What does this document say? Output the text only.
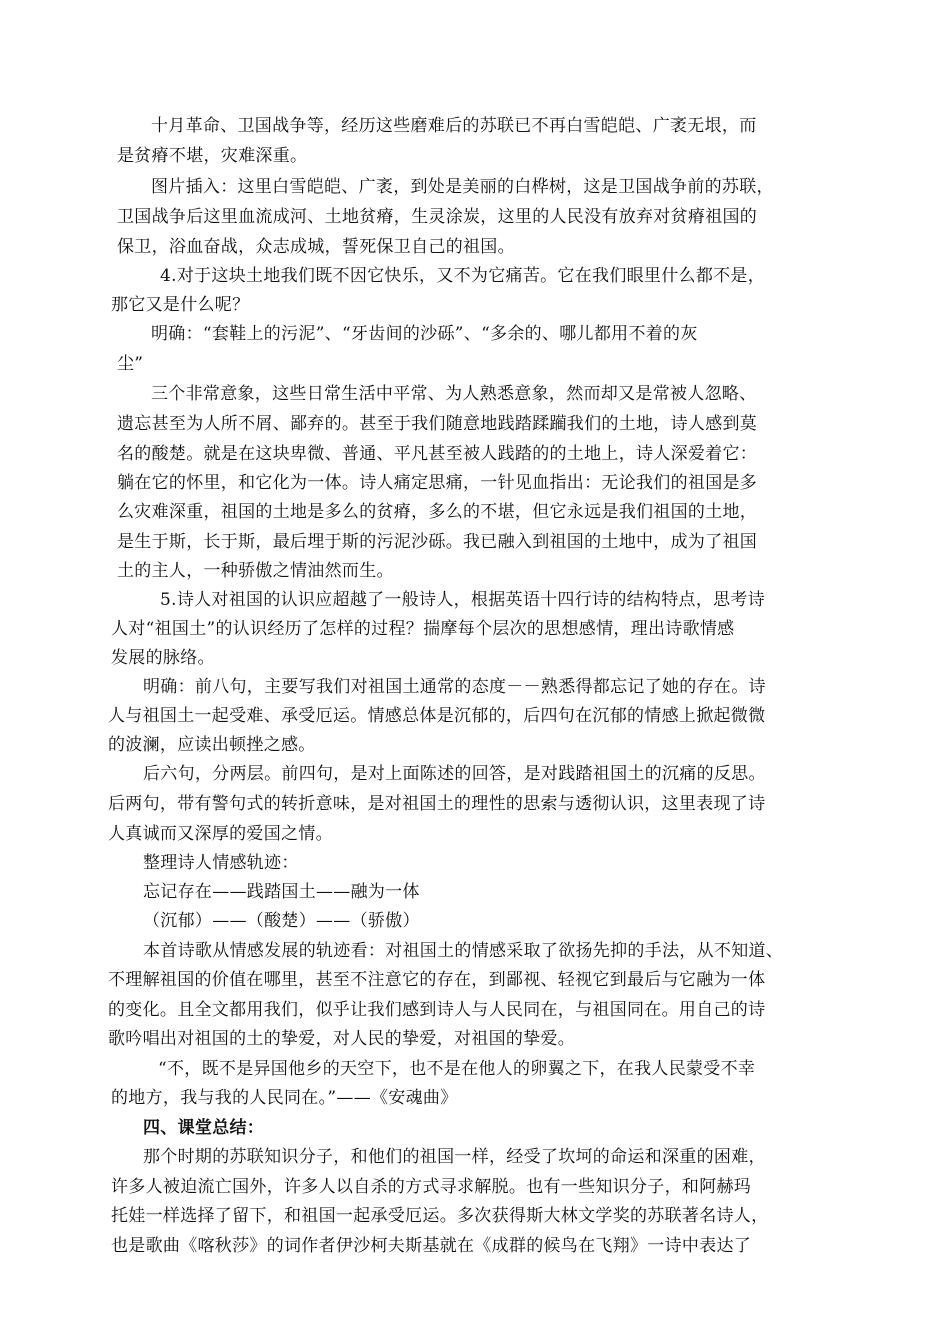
十月革命、卫国战争等，经历这些磨难后的苏联已不再白雪皑皑、广袤无垠，而
是贫瘠不堪，灾难深重。
图片插入：这里白雪皑皑、广袤，到处是美丽的白桦树，这是卫国战争前的苏联，
卫国战争后这里血流成河、土地贫瘠，生灵涂炭，这里的人民没有放弃对贫瘠祖国的
保卫，浴血奋战，众志成城，誓死保卫自己的祖国。
4.对于这块土地我们既不因它快乐，又不为它痛苦。它在我们眼里什么都不是，
那它又是什么呢？
明确：“套鞋上的污泥”、“牙齿间的沙砾”、“多余的、哪儿都用不着的灰
尘”
三个非常意象，这些日常生活中平常、为人熟悉意象，然而却又是常被人忽略、
遗忘甚至为人所不屑、鄙弃的。甚至于我们随意地践踏蹂躏我们的土地，诗人感到莫
名的酸楚。就是在这块卑微、普通、平凡甚至被人践踏的的土地上，诗人深爱着它：
躺在它的怀里，和它化为一体。诗人痛定思痛，一针见血指出：无论我们的祖国是多
么灾难深重，祖国的土地是多么的贫瘠，多么的不堪，但它永远是我们祖国的土地，
是生于斯，长于斯，最后埋于斯的污泥沙砾。我已融入到祖国的土地中，成为了祖国
土的主人，一种骄傲之情油然而生。
5.诗人对祖国的认识应超越了一般诗人，根据英语十四行诗的结构特点，思考诗
人对“祖国土”的认识经历了怎样的过程？揣摩每个层次的思想感情，理出诗歌情感
发展的脉络。
明确：前八句，主要写我们对祖国土通常的态度－－熟悉得都忘记了她的存在。诗
人与祖国土一起受难、承受厄运。情感总体是沉郁的，后四句在沉郁的情感上掀起微微
的波澜，应读出顿挫之感。
后六句，分两层。前四句，是对上面陈述的回答，是对践踏祖国土的沉痛的反思。
后两句，带有警句式的转折意味，是对祖国土的理性的思索与透彻认识，这里表现了诗
人真诚而又深厚的爱国之情。
整理诗人情感轨迹：
忘记存在——践踏国土——融为一体
（沉郁）——（酸楚）——（骄傲）
本首诗歌从情感发展的轨迹看：对祖国土的情感采取了欲扬先抑的手法，从不知道、
不理解祖国的价值在哪里，甚至不注意它的存在，到鄙视、轻视它到最后与它融为一体
的变化。且全文都用我们，似乎让我们感到诗人与人民同在，与祖国同在。用自己的诗
歌吟唱出对祖国的土的挚爱，对人民的挚爱，对祖国的挚爱。
“不，既不是异国他乡的天空下，也不是在他人的卵翼之下，在我人民蒙受不幸
的地方，我与我的人民同在。”——《安魂曲》
四、课堂总结：
那个时期的苏联知识分子，和他们的祖国一样，经受了坎坷的命运和深重的困难，
许多人被迫流亡国外，许多人以自杀的方式寻求解脱。也有一些知识分子，和阿赫玛
托娃一样选择了留下，和祖国一起承受厄运。多次获得斯大林文学奖的苏联著名诗人，
也是歌曲《喀秋莎》的词作者伊沙柯夫斯基就在《成群的候鸟在飞翔》一诗中表达了
